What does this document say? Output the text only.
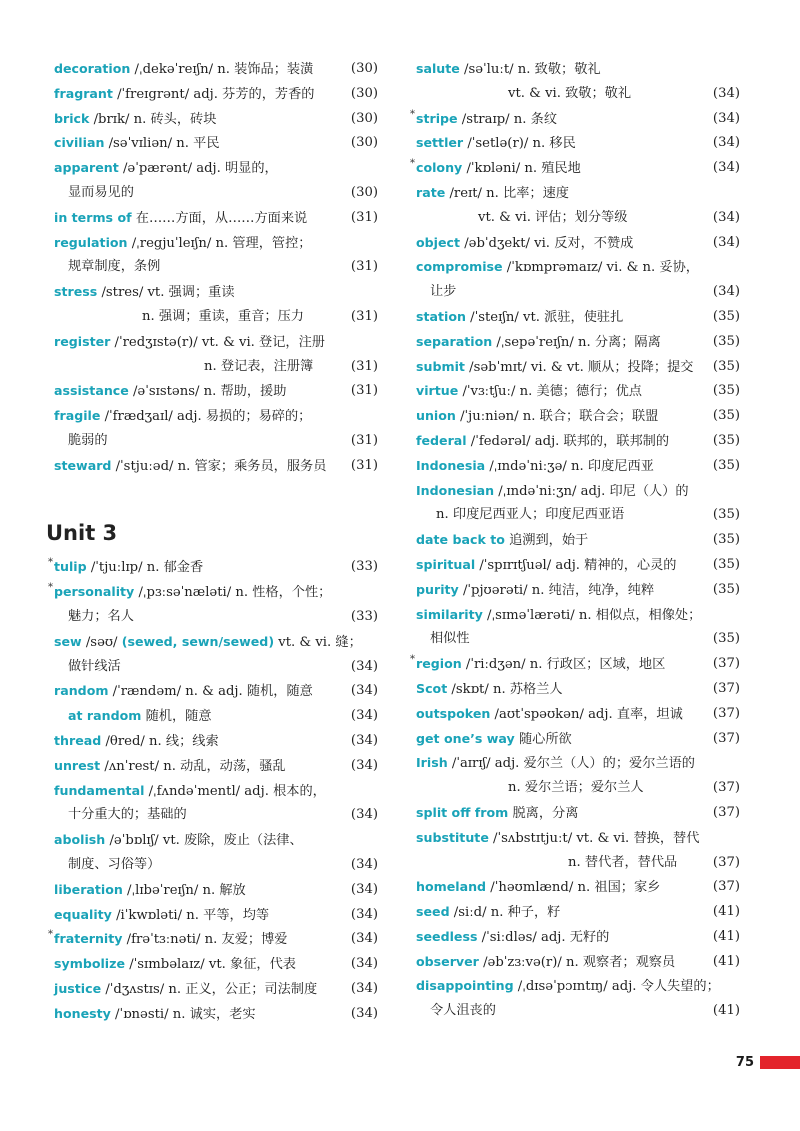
decoration /ˌdekəˈreɪʃn/ n. 装饰品；装潢	(30)
fragrant /ˈfreɪgrənt/ adj. 芬芳的，芳香的	(30)
brick /brɪk/ n. 砖头，砖块	(30)
civilian /səˈvɪliən/ n. 平民	(30)
apparent /əˈpærənt/ adj. 明显的，
显而易见的	(30)
in terms of 在……方面，从……方面来说	(31)
regulation /ˌregjuˈleɪʃn/ n. 管理，管控；
规章制度，条例	(31)
stress /stres/ vt. 强调；重读
n. 强调；重读，重音；压力	(31)
register /ˈredʒɪstə(r)/ vt. & vi. 登记，注册
n. 登记表，注册簿	(31)
assistance /əˈsɪstəns/ n. 帮助，援助	(31)
fragile /ˈfrædʒaɪl/ adj. 易损的；易碎的；
脆弱的	(31)
steward /ˈstjuːəd/ n. 管家；乘务员，服务员 (31)
Unit 3
* tulip /ˈtjuːlɪp/ n. 郁金香	(33)
* personality /ˌpɜːsəˈnæləti/ n. 性格，个性；
魅力；名人	(33)
sew /səʊ/ (sewed, sewn/sewed) vt. & vi. 缝；
做针线活	(34)
random /ˈrændəm/ n. & adj. 随机，随意	(34)
at random 随机，随意	(34)
thread /θred/ n. 线；线索	(34)
unrest /ʌnˈrest/ n. 动乱，动荡，骚乱	(34)
fundamental /ˌfʌndəˈmentl/ adj. 根本的，
十分重大的；基础的	(34)
abolish /əˈbɒlɪʃ/ vt. 废除，废止（法律、
制度、习俗等）	(34)
liberation /ˌlɪbəˈreɪʃn/ n. 解放	(34)
equality /iˈkwɒləti/ n. 平等，均等	(34)
* fraternity /frəˈtɜːnəti/ n. 友爱；博爱	(34)
symbolize /ˈsɪmbəlaɪz/ vt. 象征，代表	(34)
justice /ˈdʒʌstɪs/ n. 正义，公正；司法制度	(34)
honesty /ˈɒnəsti/ n. 诚实，老实	(34)
salute /səˈluːt/ n. 致敬；敬礼
vt. & vi. 致敬；敬礼	(34)
* stripe /straɪp/ n. 条纹	(34)
settler /ˈsetlə(r)/ n. 移民	(34)
* colony /ˈkɒləni/ n. 殖民地	(34)
rate /reɪt/ n. 比率；速度
vt. & vi. 评估；划分等级	(34)
object /əbˈdʒekt/ vi. 反对，不赞成	(34)
compromise /ˈkɒmprəmaɪz/ vi. & n. 妥协，
让步	(34)
station /ˈsteɪʃn/ vt. 派驻，使驻扎	(35)
separation /ˌsepəˈreɪʃn/ n. 分离；隔离	(35)
submit /səbˈmɪt/ vi. & vt. 顺从；投降；提交 (35)
virtue /ˈvɜːtʃuː/ n. 美德；德行；优点	(35)
union /ˈjuːniən/ n. 联合；联合会；联盟	(35)
federal /ˈfedərəl/ adj. 联邦的，联邦制的	(35)
Indonesia /ˌɪndəˈniːʒə/ n. 印度尼西亚	(35)
Indonesian /ˌɪndəˈniːʒn/ adj. 印尼（人）的
n. 印度尼西亚人；印度尼西亚语	(35)
date back to 追溯到，始于	(35)
spiritual /ˈspɪrɪtʃuəl/ adj. 精神的，心灵的	(35)
purity /ˈpjʊərəti/ n. 纯洁，纯净，纯粹	(35)
similarity /ˌsɪməˈlærəti/ n. 相似点，相像处；
相似性	(35)
* region /ˈriːdʒən/ n. 行政区；区域，地区	(37)
Scot /skɒt/ n. 苏格兰人	(37)
outspoken /aʊtˈspəʊkən/ adj. 直率，坦诚 (37)
get one’s way 随心所欲	(37)
Irish /ˈaɪrɪʃ/ adj. 爱尔兰（人）的；爱尔兰语的
n. 爱尔兰语；爱尔兰人	(37)
split off from 脱离，分离	(37)
substitute /ˈsʌbstɪtjuːt/ vt. & vi. 替换，替代
n. 替代者，替代品	(37)
homeland /ˈhəʊmlænd/ n. 祖国；家乡	(37)
seed /siːd/ n. 种子，籽	(41)
seedless /ˈsiːdləs/ adj. 无籽的	(41)
observer /əbˈzɜːvə(r)/ n. 观察者；观察员	(41)
disappointing /ˌdɪsəˈpɔɪntɪŋ/ adj. 令人失望的；
令人沮丧的	(41)
75
